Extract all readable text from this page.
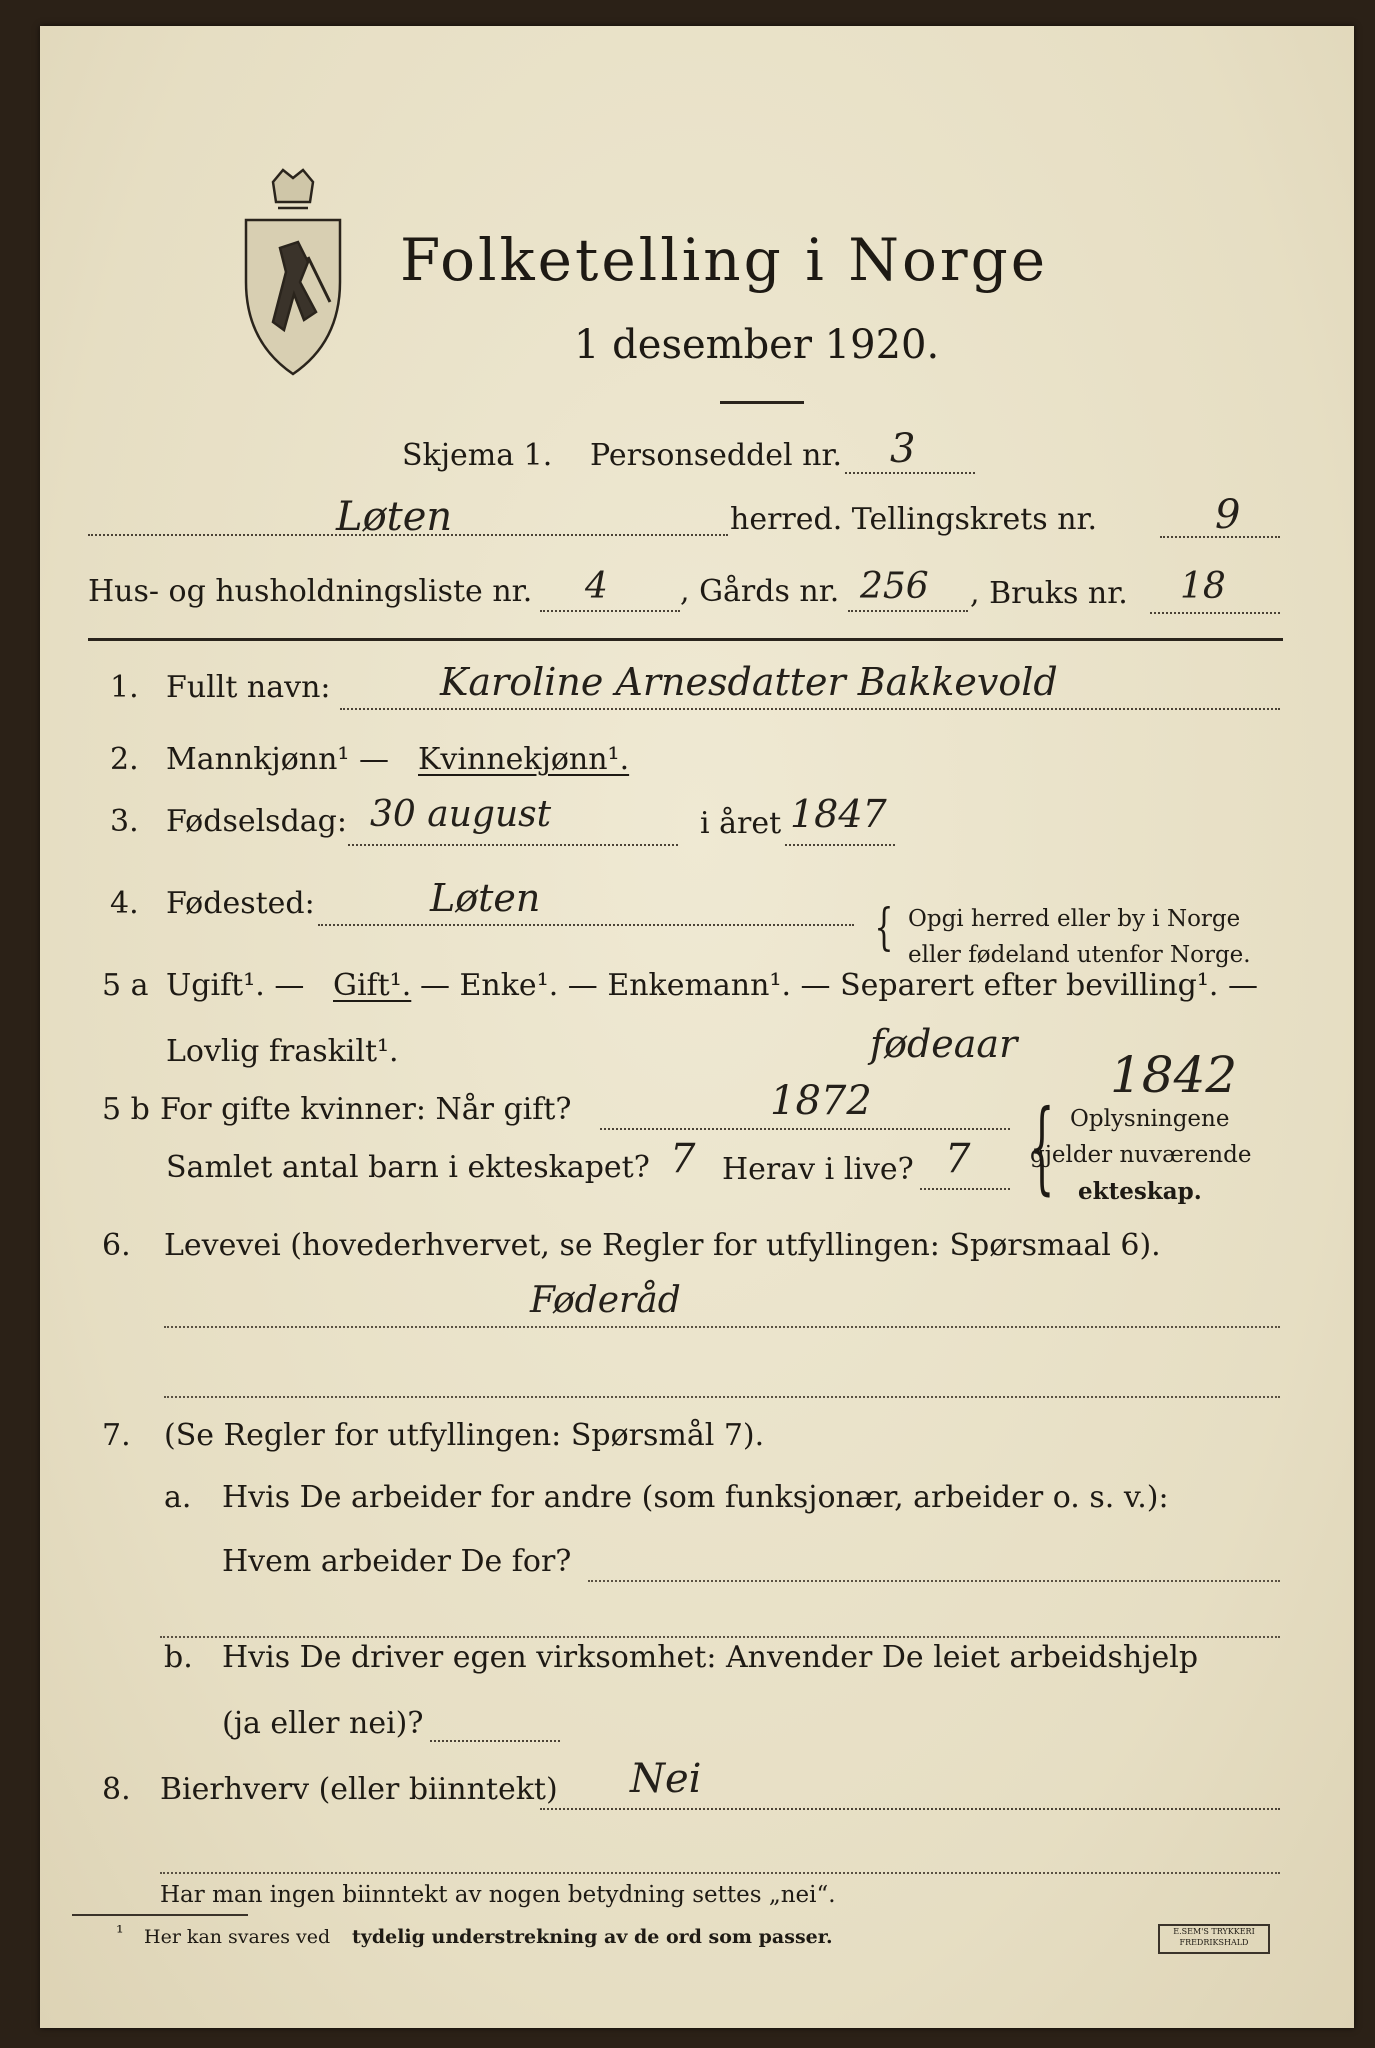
Folketelling i Norge
1 desember 1920.
Skjema 1. Personseddel nr. 3
Løten	herred. Tellingskrets nr.	9
Hus- og husholdningsliste nr. 4 , Gårds nr. 256 , Bruks nr. 18
1. Fullt navn:	Karoline Arnesdatter Bakkevold
2. Mannkjønn¹ — Kvinnekjønn¹.
3. Fødselsdag: 30 august	i året 1847
4. Fødested:	Løten	{ Opgi herred eller by i Norge
eller fødeland utenfor Norge.
5 a Ugift¹. — Gift¹. — Enke¹. — Enkemann¹. — Separert efter bevilling¹. —
Lovlig fraskilt¹.	fødeaar
1842
5 b For gifte kvinner: Når gift?	1872
Samlet antal barn i ekteskapet? 7 Herav i live? 7 { Oplysningene
gjelder nuværende
ekteskap.
6. Levevei (hovederhvervet, se Regler for utfyllingen: Spørsmaal 6).
Føderåd
7. (Se Regler for utfyllingen: Spørsmål 7).
a. Hvis De arbeider for andre (som funksjonær, arbeider o. s. v.):
Hvem arbeider De for?
b. Hvis De driver egen virksomhet: Anvender De leiet arbeidshjelp
(ja eller nei)?
8. Bierhverv (eller biinntekt) Nei
Har man ingen biinntekt av nogen betydning settes „nei“.
¹ Her kan svares ved tydelig understrekning av de ord som passer.	E.SEM'S TRYKKERI
FREDRIKSHALD
